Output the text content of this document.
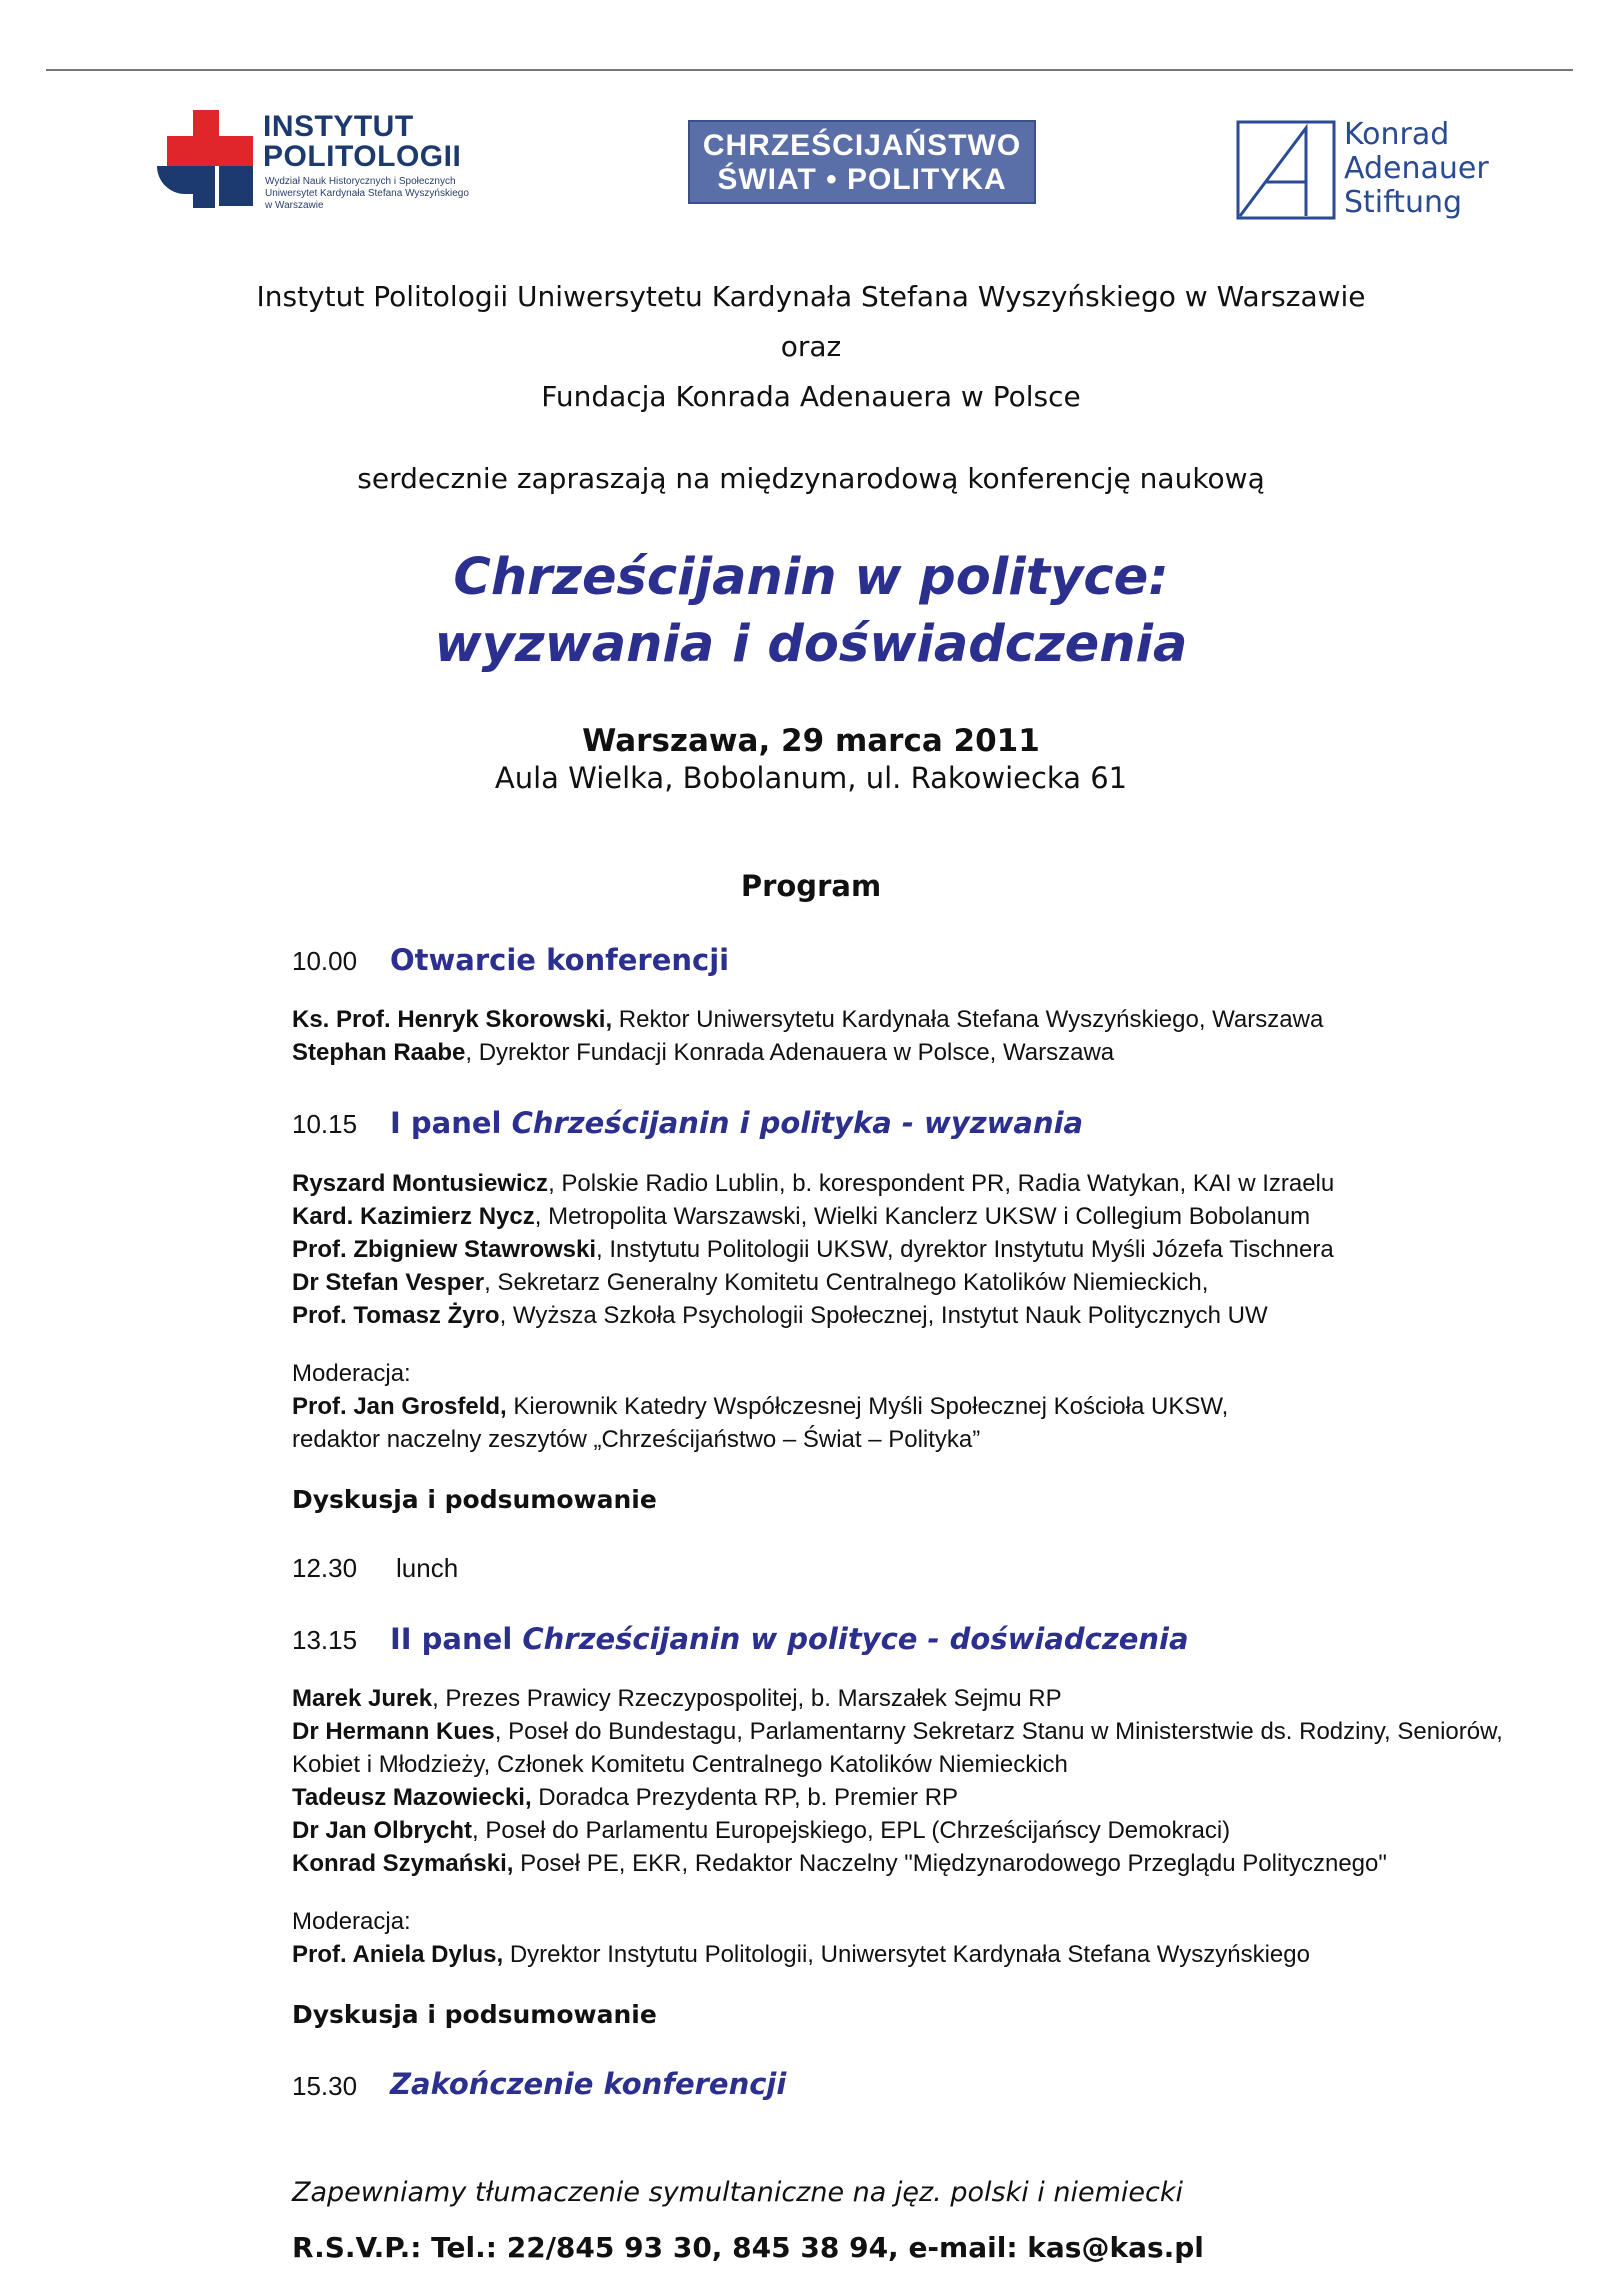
INSTYTUT
POLITOLOGII
Wydział Nauk Historycznych i Społecznych
Uniwersytet Kardynała Stefana Wyszyńskiego
w Warszawie
CHRZEŚCIJAŃSTWO
ŚWIAT • POLITYKA
Konrad
Adenauer
Stiftung
Instytut Politologii Uniwersytetu Kardynała Stefana Wyszyńskiego w Warszawie
oraz
Fundacja Konrada Adenauera w Polsce
serdecznie zapraszają na międzynarodową konferencję naukową
Chrześcijanin w polityce:
wyzwania i doświadczenia
Warszawa, 29 marca 2011
Aula Wielka, Bobolanum, ul. Rakowiecka 61
Program
10.00 Otwarcie konferencji
Ks. Prof. Henryk Skorowski, Rektor Uniwersytetu Kardynała Stefana Wyszyńskiego, Warszawa
Stephan Raabe, Dyrektor Fundacji Konrada Adenauera w Polsce, Warszawa
10.15 I panel Chrześcijanin i polityka - wyzwania
Ryszard Montusiewicz, Polskie Radio Lublin, b. korespondent PR, Radia Watykan, KAI w Izraelu
Kard. Kazimierz Nycz, Metropolita Warszawski, Wielki Kanclerz UKSW i Collegium Bobolanum
Prof. Zbigniew Stawrowski, Instytutu Politologii UKSW, dyrektor Instytutu Myśli Józefa Tischnera
Dr Stefan Vesper, Sekretarz Generalny Komitetu Centralnego Katolików Niemieckich,
Prof. Tomasz Żyro, Wyższa Szkoła Psychologii Społecznej, Instytut Nauk Politycznych UW
Moderacja:
Prof. Jan Grosfeld, Kierownik Katedry Współczesnej Myśli Społecznej Kościoła UKSW,
redaktor naczelny zeszytów „Chrześcijaństwo – Świat – Polityka”
Dyskusja i podsumowanie
12.30 lunch
13.15 II panel Chrześcijanin w polityce - doświadczenia
Marek Jurek, Prezes Prawicy Rzeczypospolitej, b. Marszałek Sejmu RP
Dr Hermann Kues, Poseł do Bundestagu, Parlamentarny Sekretarz Stanu w Ministerstwie ds. Rodziny, Seniorów,
Kobiet i Młodzieży, Członek Komitetu Centralnego Katolików Niemieckich
Tadeusz Mazowiecki, Doradca Prezydenta RP, b. Premier RP
Dr Jan Olbrycht, Poseł do Parlamentu Europejskiego, EPL (Chrześcijańscy Demokraci)
Konrad Szymański, Poseł PE, EKR, Redaktor Naczelny "Międzynarodowego Przeglądu Politycznego"
Moderacja:
Prof. Aniela Dylus, Dyrektor Instytutu Politologii, Uniwersytet Kardynała Stefana Wyszyńskiego
Dyskusja i podsumowanie
15.30 Zakończenie konferencji
Zapewniamy tłumaczenie symultaniczne na jęz. polski i niemiecki
R.S.V.P.: Tel.: 22/845 93 30, 845 38 94, e-mail: kas@kas.pl
